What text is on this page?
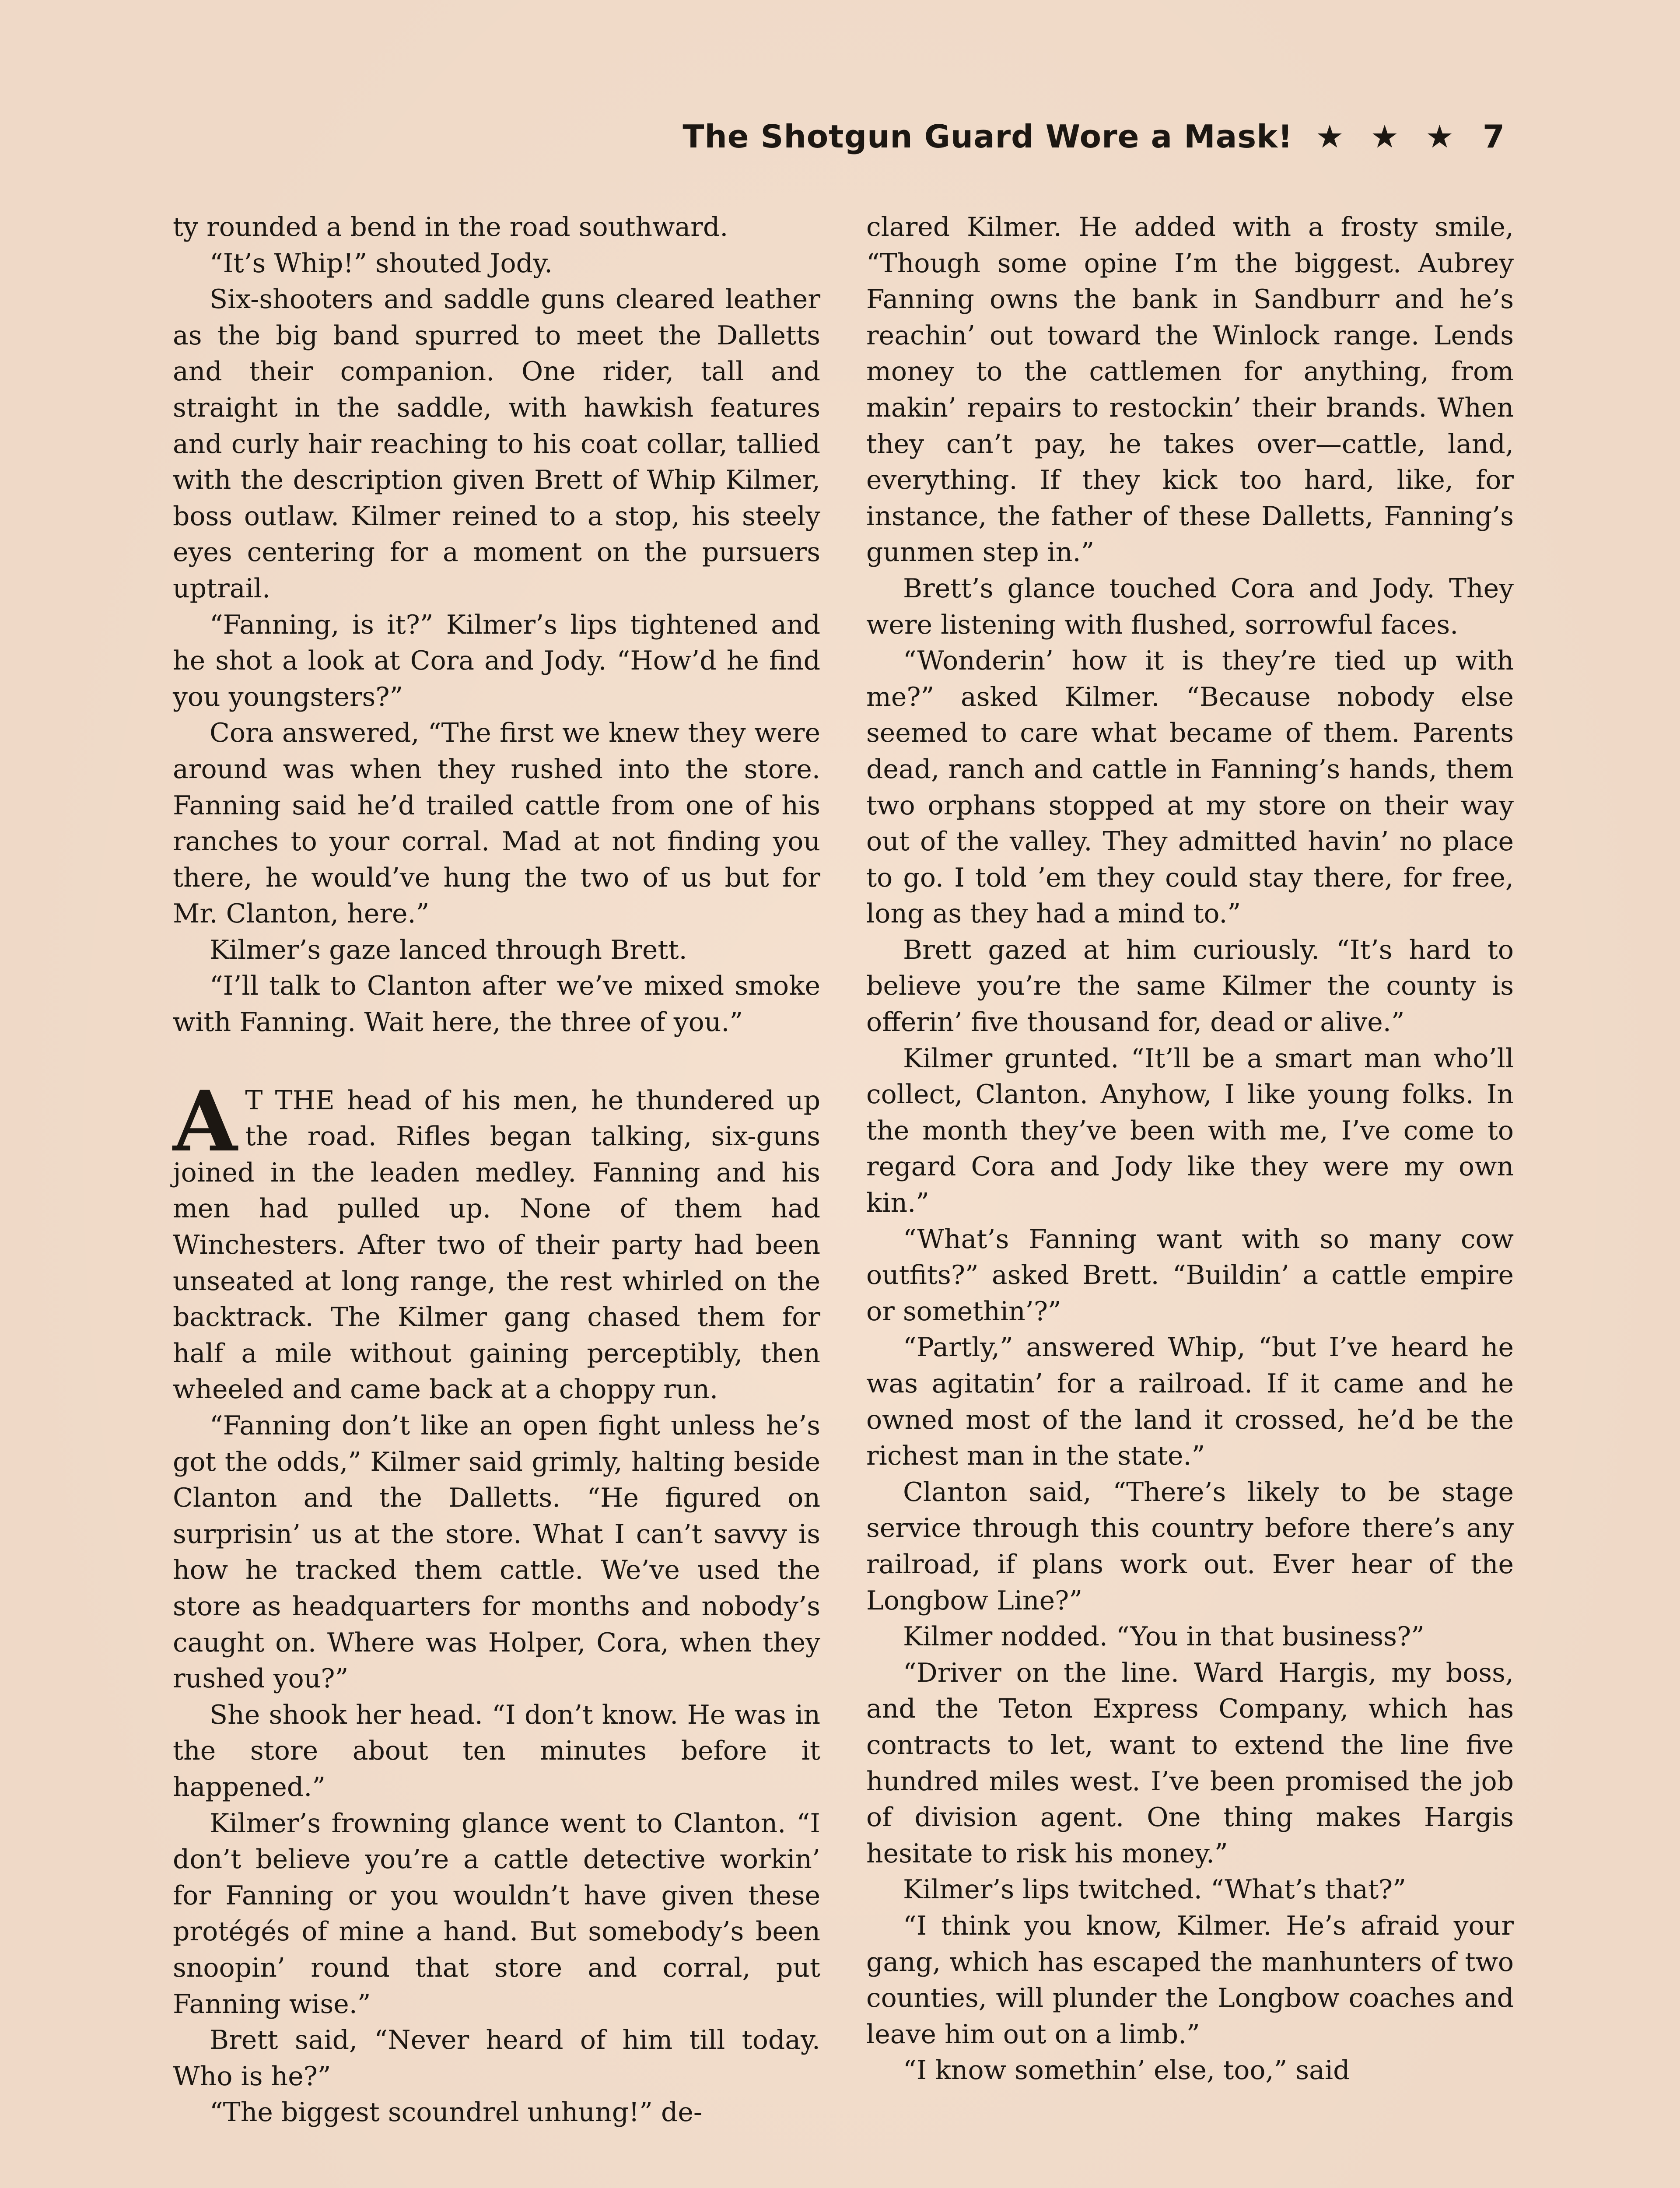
The Shotgun Guard Wore a Mask! ★ ★ ★ 7

ty rounded a bend in the road southward.

“It’s Whip!” shouted Jody.

Six-shooters and saddle guns cleared leather as the big band spurred to meet the Dalletts and their companion. One rider, tall and straight in the saddle, with hawkish features and curly hair reaching to his coat collar, tallied with the description given Brett of Whip Kilmer, boss outlaw. Kilmer reined to a stop, his steely eyes centering for a moment on the pursuers uptrail.

“Fanning, is it?” Kilmer’s lips tightened and he shot a look at Cora and Jody. “How’d he find you youngsters?”

Cora answered, “The first we knew they were around was when they rushed into the store. Fanning said he’d trailed cattle from one of his ranches to your corral. Mad at not finding you there, he would’ve hung the two of us but for Mr. Clanton, here.”

Kilmer’s gaze lanced through Brett.

“I’ll talk to Clanton after we’ve mixed smoke with Fanning. Wait here, the three of you.”

A T THE head of his men, he thundered up the road. Rifles began talking, six-guns joined in the leaden medley. Fanning and his men had pulled up. None of them had Winchesters. After two of their party had been unseated at long range, the rest whirled on the backtrack. The Kilmer gang chased them for half a mile without gaining perceptibly, then wheeled and came back at a choppy run.

“Fanning don’t like an open fight unless he’s got the odds,” Kilmer said grimly, halting beside Clanton and the Dalletts. “He figured on surprisin’ us at the store. What I can’t savvy is how he tracked them cattle. We’ve used the store as headquarters for months and nobody’s caught on. Where was Holper, Cora, when they rushed you?”

She shook her head. “I don’t know. He was in the store about ten minutes before it happened.”

Kilmer’s frowning glance went to Clanton. “I don’t believe you’re a cattle detective workin’ for Fanning or you wouldn’t have given these protégés of mine a hand. But somebody’s been snoopin’ round that store and corral, put Fanning wise.”

Brett said, “Never heard of him till today. Who is he?”

“The biggest scoundrel unhung!” de-

clared Kilmer. He added with a frosty smile, “Though some opine I’m the biggest. Aubrey Fanning owns the bank in Sandburr and he’s reachin’ out toward the Winlock range. Lends money to the cattlemen for anything, from makin’ repairs to restockin’ their brands. When they can’t pay, he takes over—cattle, land, everything. If they kick too hard, like, for instance, the father of these Dalletts, Fanning’s gunmen step in.”

Brett’s glance touched Cora and Jody. They were listening with flushed, sorrowful faces.

“Wonderin’ how it is they’re tied up with me?” asked Kilmer. “Because nobody else seemed to care what became of them. Parents dead, ranch and cattle in Fanning’s hands, them two orphans stopped at my store on their way out of the valley. They admitted havin’ no place to go. I told ’em they could stay there, for free, long as they had a mind to.”

Brett gazed at him curiously. “It’s hard to believe you’re the same Kilmer the county is offerin’ five thousand for, dead or alive.”

Kilmer grunted. “It’ll be a smart man who’ll collect, Clanton. Anyhow, I like young folks. In the month they’ve been with me, I’ve come to regard Cora and Jody like they were my own kin.”

“What’s Fanning want with so many cow outfits?” asked Brett. “Buildin’ a cattle empire or somethin’?”

“Partly,” answered Whip, “but I’ve heard he was agitatin’ for a railroad. If it came and he owned most of the land it crossed, he’d be the richest man in the state.”

Clanton said, “There’s likely to be stage service through this country before there’s any railroad, if plans work out. Ever hear of the Longbow Line?”

Kilmer nodded. “You in that business?”

“Driver on the line. Ward Hargis, my boss, and the Teton Express Company, which has contracts to let, want to extend the line five hundred miles west. I’ve been promised the job of division agent. One thing makes Hargis hesitate to risk his money.”

Kilmer’s lips twitched. “What’s that?”

“I think you know, Kilmer. He’s afraid your gang, which has escaped the manhunters of two counties, will plunder the Longbow coaches and leave him out on a limb.”

“I know somethin’ else, too,” said
